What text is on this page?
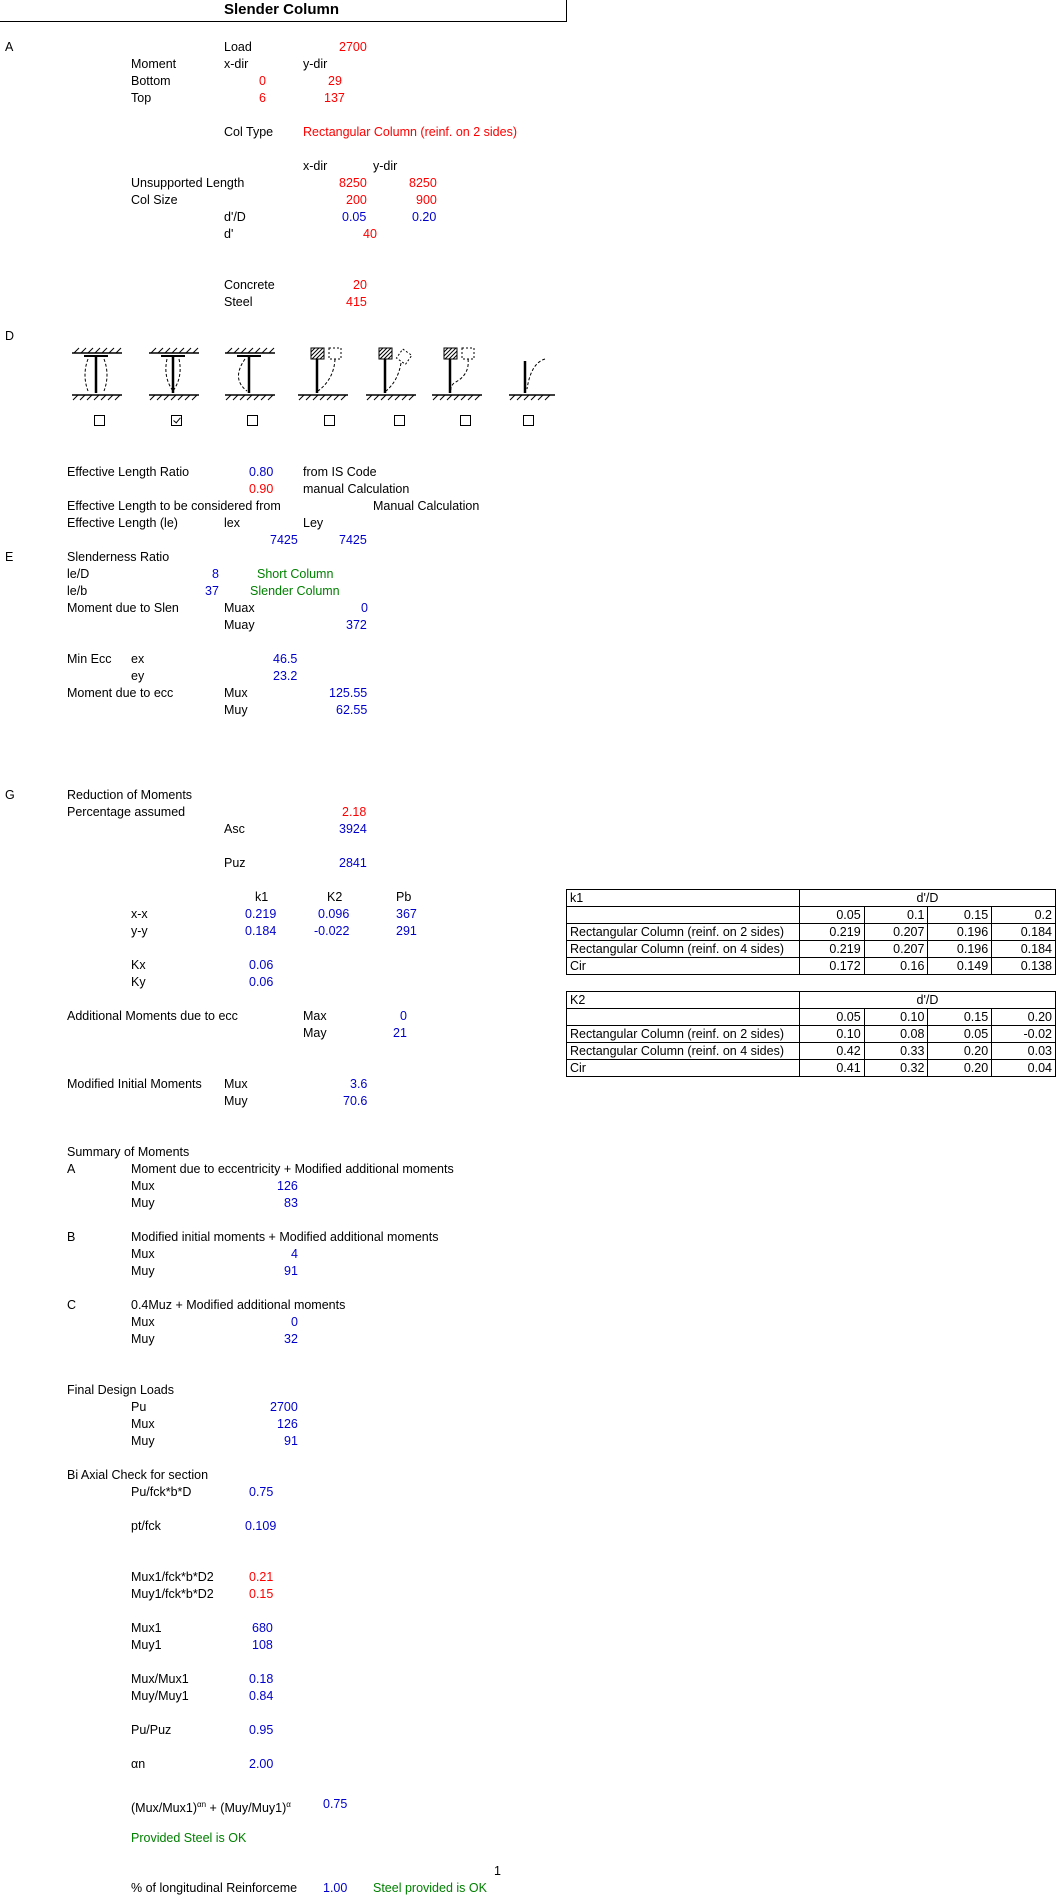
Slender Column
A	Load	2700
Moment	x-dir	y-dir
Bottom	0	29
Top	6	137
Col Type Rectangular Column (reinf. on 2 sides)
x-dir	y-dir
Unsupported Length	8250	8250
Col Size	200	900
d'/D	0.05	0.20
d'	40
Concrete	20
Steel	415
D
Effective Length Ratio	0.80 from IS Code
0.90 manual Calculation
Effective Length to be considered from	Manual Calculation
Effective Length (le)	lex	Ley
7425	7425
E	Slenderness Ratio
le/D	8	Short Column
le/b	37 Slender Column
Moment due to Slen	Muax	0
Muay	372
Min Ecc ex	46.5
ey	23.2
Moment due to ecc	Mux	125.55
Muy	62.55
G	Reduction of Moments
Percentage assumed	2.18
Asc	3924
Puz	2841
k1	K2	Pb
x-x	0.219	0.096	367
y-y	0.184	-0.022	291
Kx	0.06
Ky	0.06
Additional Moments due to ecc	Max	0
May	21
Modified Initial Moments Mux	3.6
Muy	70.6
Summary of Moments
A	Moment due to eccentricity + Modified additional moments
Mux	126
Muy	83
B	Modified initial moments + Modified additional moments
Mux	4
Muy	91
C	0.4Muz + Modified additional moments
Mux	0
Muy	32
Final Design Loads
Pu	2700
Mux	126
Muy	91
Bi Axial Check for section
Pu/fck*b*D	0.75
pt/fck	0.109
Mux1/fck*b*D2	0.21
Muy1/fck*b*D2	0.15
Mux1	680
Muy1	108
Mux/Mux1	0.18
Muy/Muy1	0.84
Pu/Puz	0.95
αn	2.00
$(Mux/Mux1)^{\alpha n} + (Muy/Muy1)^\alpha$	0.75
Provided Steel is OK
1
% of longitudinal Reinforceme 1.00 Steel provided is OK
k1	d'/D			
	0.05	0.1	0.15	0.2
Rectangular Column (reinf. on 2 sides)	0.219	0.207	0.196	0.184
Rectangular Column (reinf. on 4 sides)	0.219	0.207	0.196	0.184
Cir	0.172	0.16	0.149	0.138
K2	d'/D			
	0.05	0.10	0.15	0.20
Rectangular Column (reinf. on 2 sides)	0.10	0.08	0.05	-0.02
Rectangular Column (reinf. on 4 sides)	0.42	0.33	0.20	0.03
Cir	0.41	0.32	0.20	0.04
